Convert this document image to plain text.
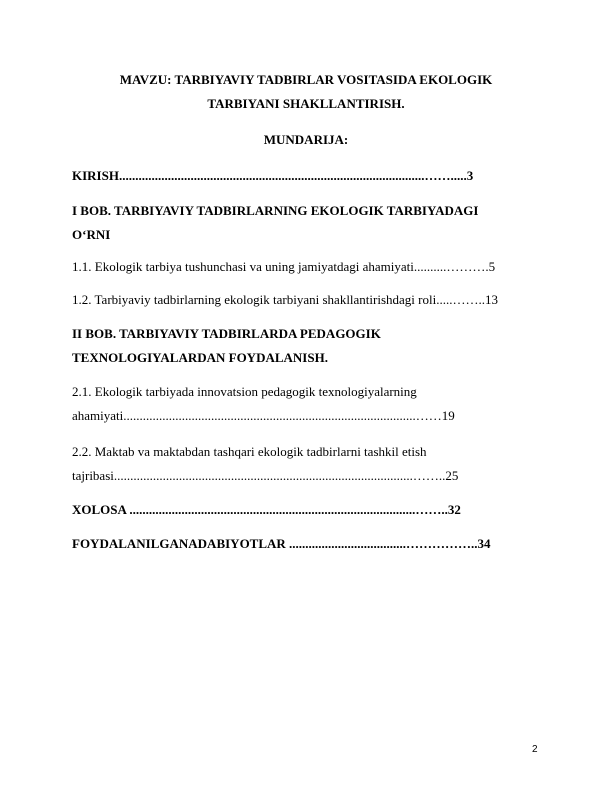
MAVZU: TARBIYAVIY TADBIRLAR VOSITASIDA EKOLOGIK
TARBIYANI SHAKLLANTIRISH.
MUNDARIJA:
KIRISH..............................................................................................…….....3
I BOB. TARBIYAVIY TADBIRLARNING EKOLOGIK TARBIYADAGI
O‘RNI
1.1. Ekologik tarbiya tushunchasi va uning jamiyatdagi ahamiyati..........……….5
1.2. Tarbiyaviy tadbirlarning ekologik tarbiyani shakllantirishdagi roli.....……..13
II BOB. TARBIYAVIY TADBIRLARDA PEDAGOGIK
TEXNOLOGIYALARDAN FOYDALANISH.
2.1. Ekologik tarbiyada innovatsion pedagogik texnologiyalarning
ahamiyati..........................................................................................……19
2.2. Maktab va maktabdan tashqari ekologik tadbirlarni tashkil etish
tajribasi............................................................................................……..25
XOLOSA ........................................................................................……..32
FOYDALANILGANADABIYOTLAR ....................................……………..34
2
